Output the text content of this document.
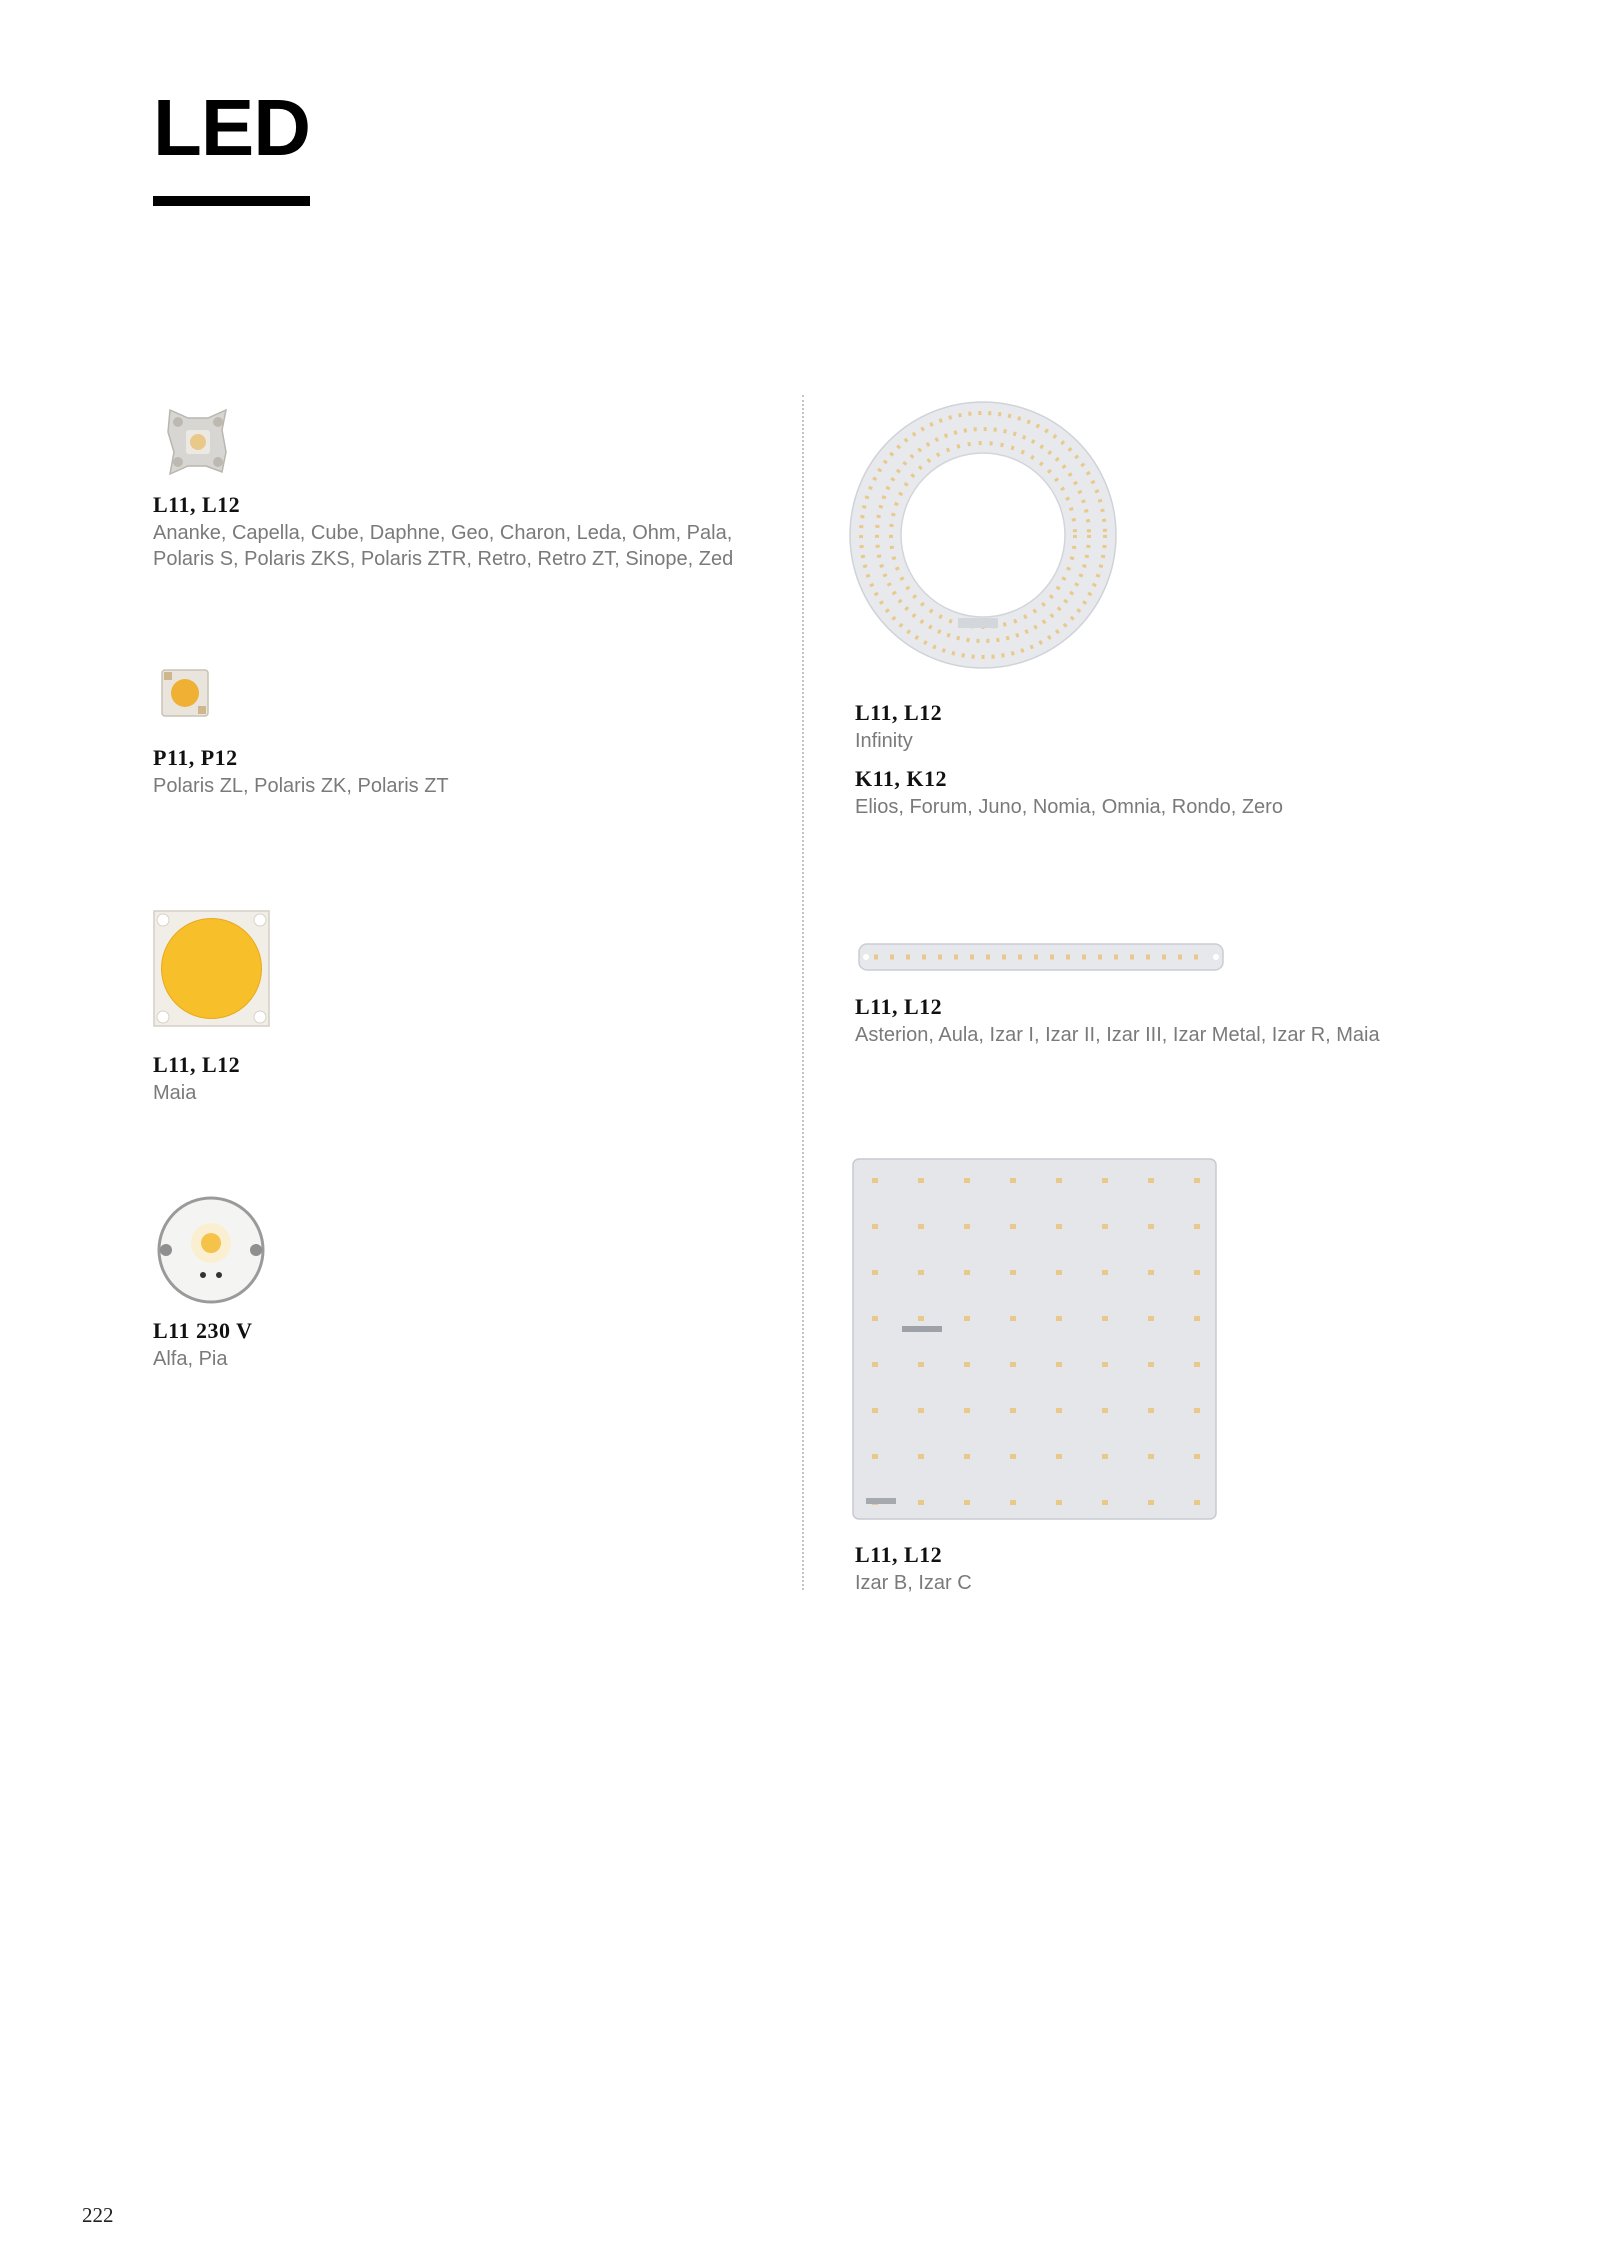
LED
L11, L12
Ananke, Capella, Cube, Daphne, Geo, Charon, Leda, Ohm, Pala, Polaris S, Polaris ZKS, Polaris ZTR, Retro, Retro ZT, Sinope, Zed
P11, P12
Polaris ZL, Polaris ZK, Polaris ZT
L11, L12
Maia
L11 230 V
Alfa, Pia
L11, L12
Infinity
K11, K12
Elios, Forum, Juno, Nomia, Omnia, Rondo, Zero
L11, L12
Asterion, Aula, Izar I, Izar II, Izar III, Izar Metal, Izar R, Maia
L11, L12
Izar B, Izar C
222
